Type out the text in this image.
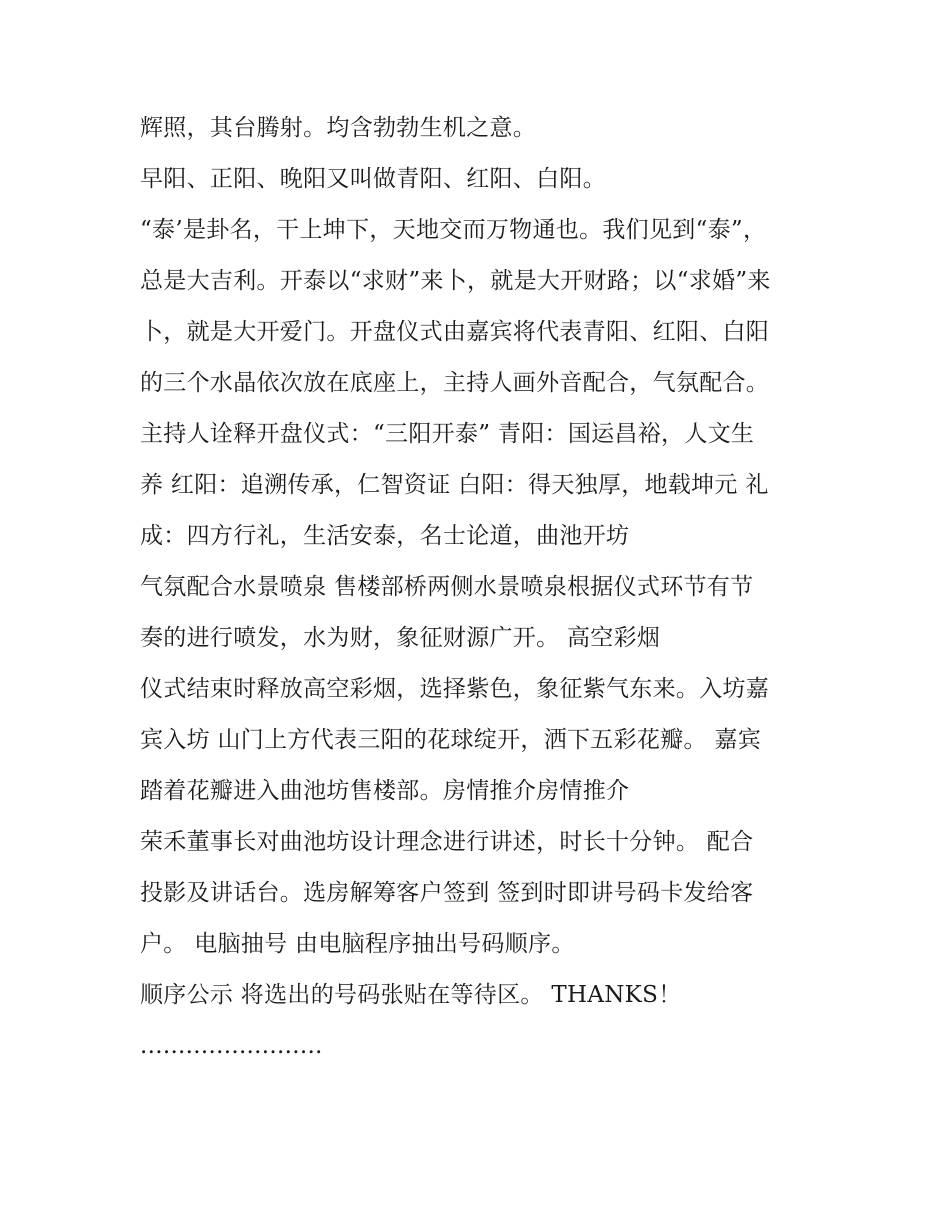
辉照，其台腾射。均含勃勃生机之意。
早阳、正阳、晚阳又叫做青阳、红阳、白阳。
“泰’是卦名，干上坤下，天地交而万物通也。我们见到“泰”，
总是大吉利。开泰以“求财”来卜，就是大开财路；以“求婚”来
卜，就是大开爱门。开盘仪式由嘉宾将代表青阳、红阳、白阳
的三个水晶依次放在底座上，主持人画外音配合，气氛配合。
主持人诠释开盘仪式：“三阳开泰” 青阳：国运昌裕，人文生
养 红阳：追溯传承，仁智资证 白阳：得天独厚，地载坤元 礼
成：四方行礼，生活安泰，名士论道，曲池开坊
气氛配合水景喷泉 售楼部桥两侧水景喷泉根据仪式环节有节
奏的进行喷发，水为财，象征财源广开。 高空彩烟
仪式结束时释放高空彩烟，选择紫色，象征紫气东来。入坊嘉
宾入坊 山门上方代表三阳的花球绽开，洒下五彩花瓣。 嘉宾
踏着花瓣进入曲池坊售楼部。房情推介房情推介
荣禾董事长对曲池坊设计理念进行讲述，时长十分钟。 配合
投影及讲话台。选房解筹客户签到 签到时即讲号码卡发给客
户。 电脑抽号 由电脑程序抽出号码顺序。
顺序公示 将选出的号码张贴在等待区。 THANKS！
........................
